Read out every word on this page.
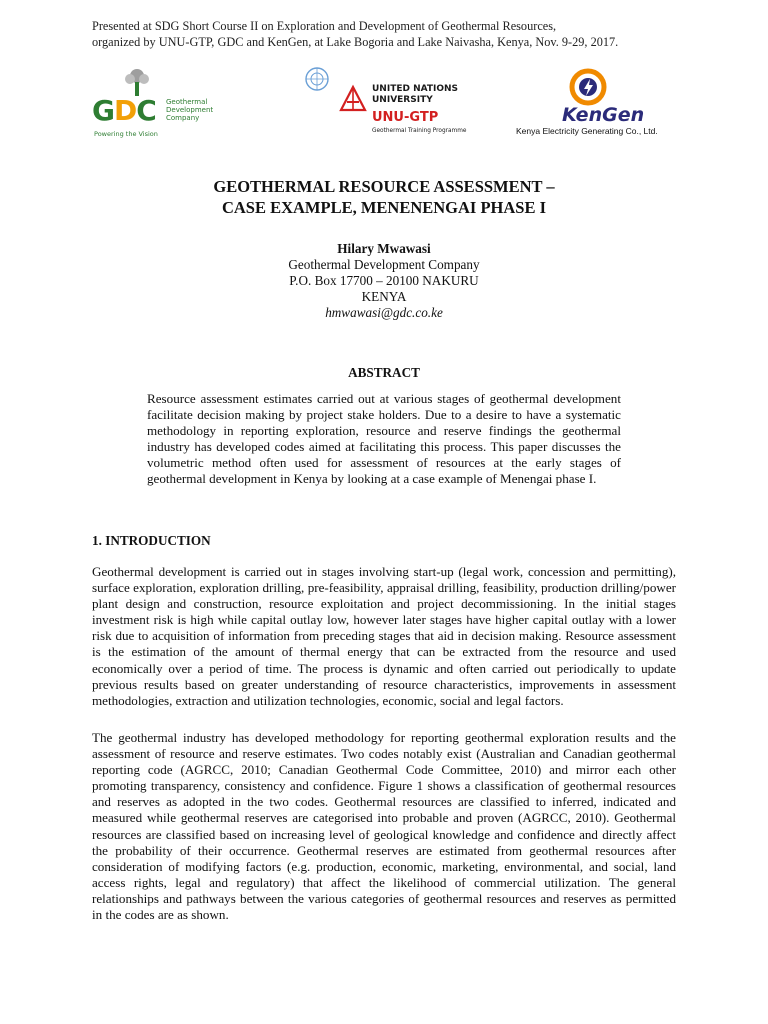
Presented at SDG Short Course II on Exploration and Development of Geothermal Resources,
organized by UNU-GTP, GDC and KenGen, at Lake Bogoria and Lake Naivasha, Kenya, Nov. 9-29, 2017.
GDC Geothermal
Development
Company
Powering the Vision
UNITED NATIONS
UNIVERSITY
UNU-GTP
Geothermal Training Programme
KenGen
Kenya Electricity Generating Co., Ltd.
GEOTHERMAL RESOURCE ASSESSMENT –
CASE EXAMPLE, MENENENGAI PHASE I
Hilary Mwawasi
Geothermal Development Company
P.O. Box 17700 – 20100 NAKURU
KENYA
hmwawasi@gdc.co.ke
ABSTRACT
Resource assessment estimates carried out at various stages of geothermal development facilitate decision making by project stake holders. Due to a desire to have a systematic methodology in reporting exploration, resource and reserve findings the geothermal industry has developed codes aimed at facilitating this process. This paper discusses the volumetric method often used for assessment of resources at the early stages of geothermal development in Kenya by looking at a case example of Menengai phase I.
1. INTRODUCTION
Geothermal development is carried out in stages involving start-up (legal work, concession and permitting), surface exploration, exploration drilling, pre-feasibility, appraisal drilling, feasibility, production drilling/power plant design and construction, resource exploitation and project decommissioning. In the initial stages investment risk is high while capital outlay low, however later stages have higher capital outlay with a lower risk due to acquisition of information from preceding stages that aid in decision making. Resource assessment is the estimation of the amount of thermal energy that can be extracted from the resource and used economically over a period of time. The process is dynamic and often carried out periodically to update previous results based on greater understanding of resource characteristics, improvements in assessment methodologies, extraction and utilization technologies, economic, social and legal factors.
The geothermal industry has developed methodology for reporting geothermal exploration results and the assessment of resource and reserve estimates. Two codes notably exist (Australian and Canadian geothermal reporting code (AGRCC, 2010; Canadian Geothermal Code Committee, 2010) and mirror each other promoting transparency, consistency and confidence. Figure 1 shows a classification of geothermal resources and reserves as adopted in the two codes. Geothermal resources are classified to inferred, indicated and measured while geothermal reserves are categorised into probable and proven (AGRCC, 2010). Geothermal resources are classified based on increasing level of geological knowledge and confidence and directly affect the probability of their occurrence. Geothermal reserves are estimated from geothermal resources after consideration of modifying factors (e.g. production, economic, marketing, environmental, and social, land access rights, legal and regulatory) that affect the likelihood of commercial utilization. The general relationships and pathways between the various categories of geothermal resources and reserves as permitted in the codes are as shown.
